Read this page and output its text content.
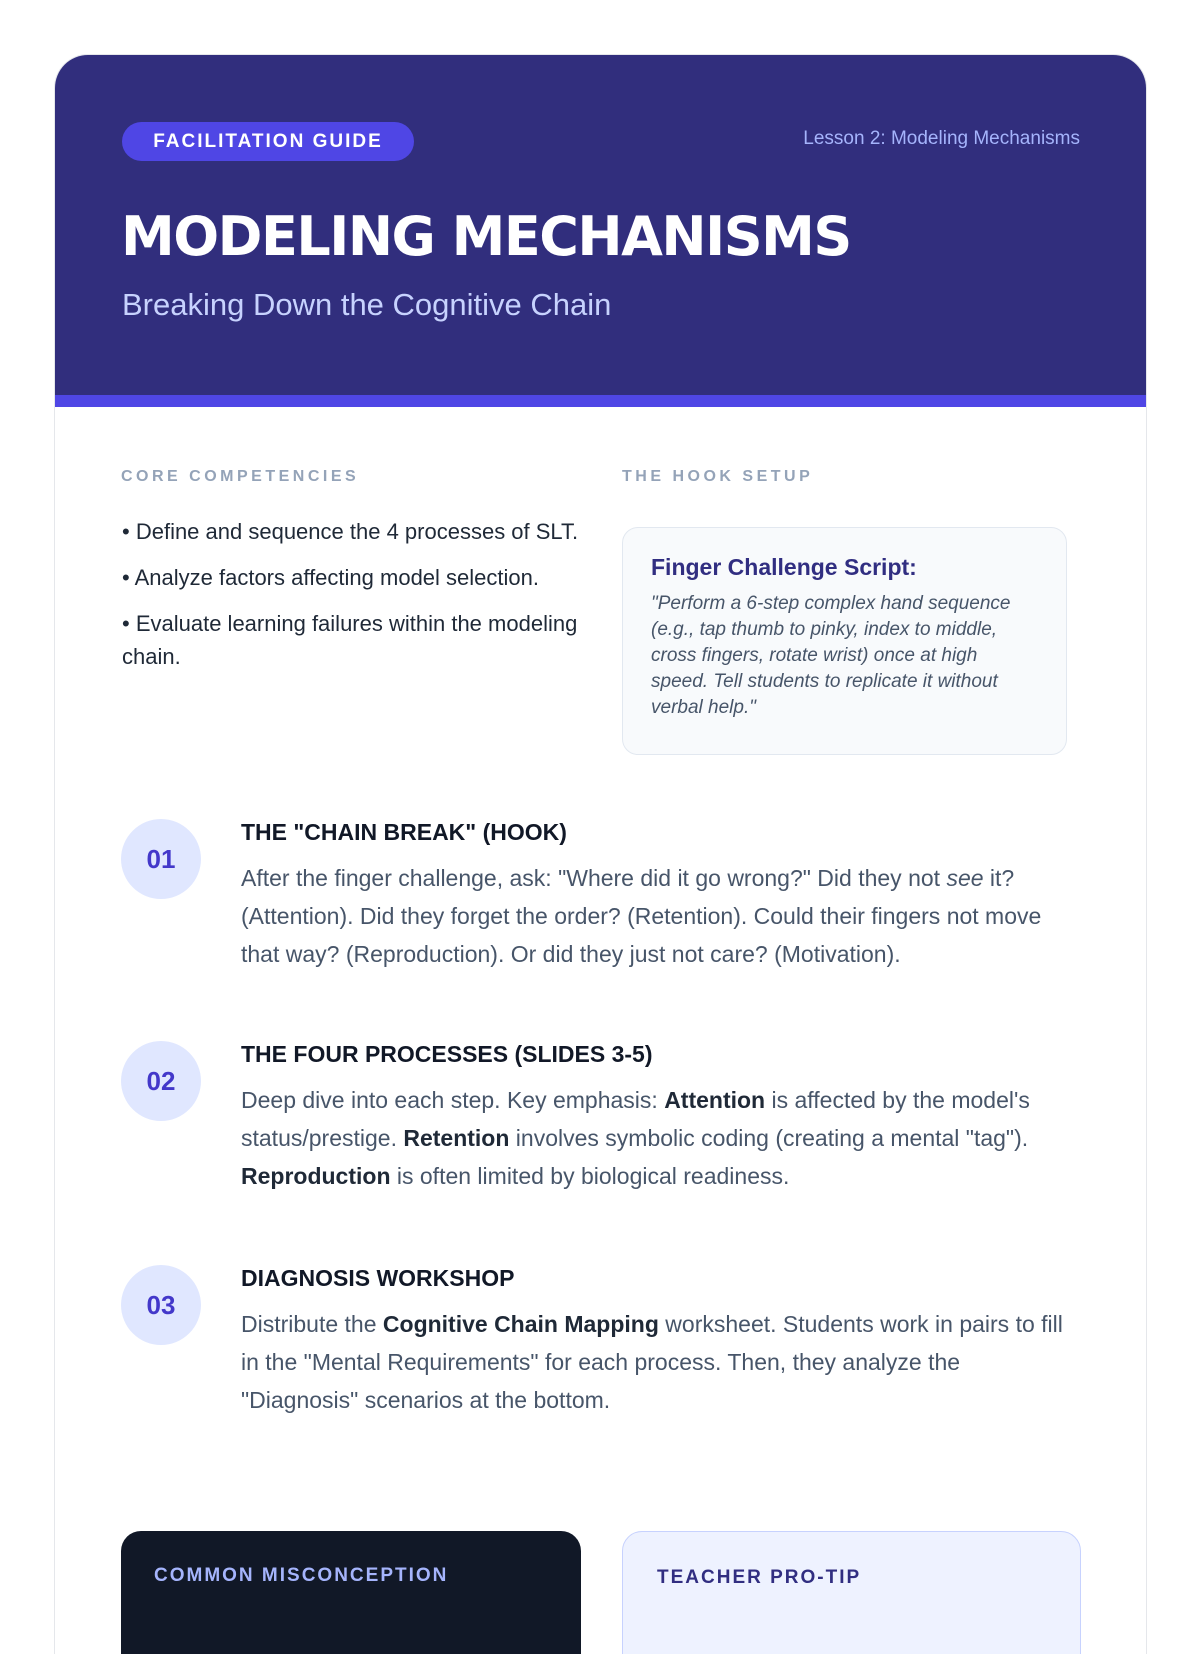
FACILITATION GUIDE	Lesson 2: Modeling Mechanisms
MODELING MECHANISMS
Breaking Down the Cognitive Chain
CORE COMPETENCIES
• Define and sequence the 4 processes of SLT.
• Analyze factors affecting model selection.
• Evaluate learning failures within the modeling chain.
THE HOOK SETUP
Finger Challenge Script:
"Perform a 6-step complex hand sequence (e.g., tap thumb to pinky, index to middle, cross fingers, rotate wrist) once at high speed. Tell students to replicate it without verbal help."
01
THE "CHAIN BREAK" (HOOK)
After the finger challenge, ask: "Where did it go wrong?" Did they not see it? (Attention). Did they forget the order? (Retention). Could their fingers not move that way? (Reproduction). Or did they just not care? (Motivation).
02
THE FOUR PROCESSES (SLIDES 3-5)
Deep dive into each step. Key emphasis: Attention is affected by the model's status/prestige. Retention involves symbolic coding (creating a mental "tag"). Reproduction is often limited by biological readiness.
03
DIAGNOSIS WORKSHOP
Distribute the Cognitive Chain Mapping worksheet. Students work in pairs to fill in the "Mental Requirements" for each process. Then, they analyze the "Diagnosis" scenarios at the bottom.
COMMON MISCONCEPTION	TEACHER PRO-TIP
